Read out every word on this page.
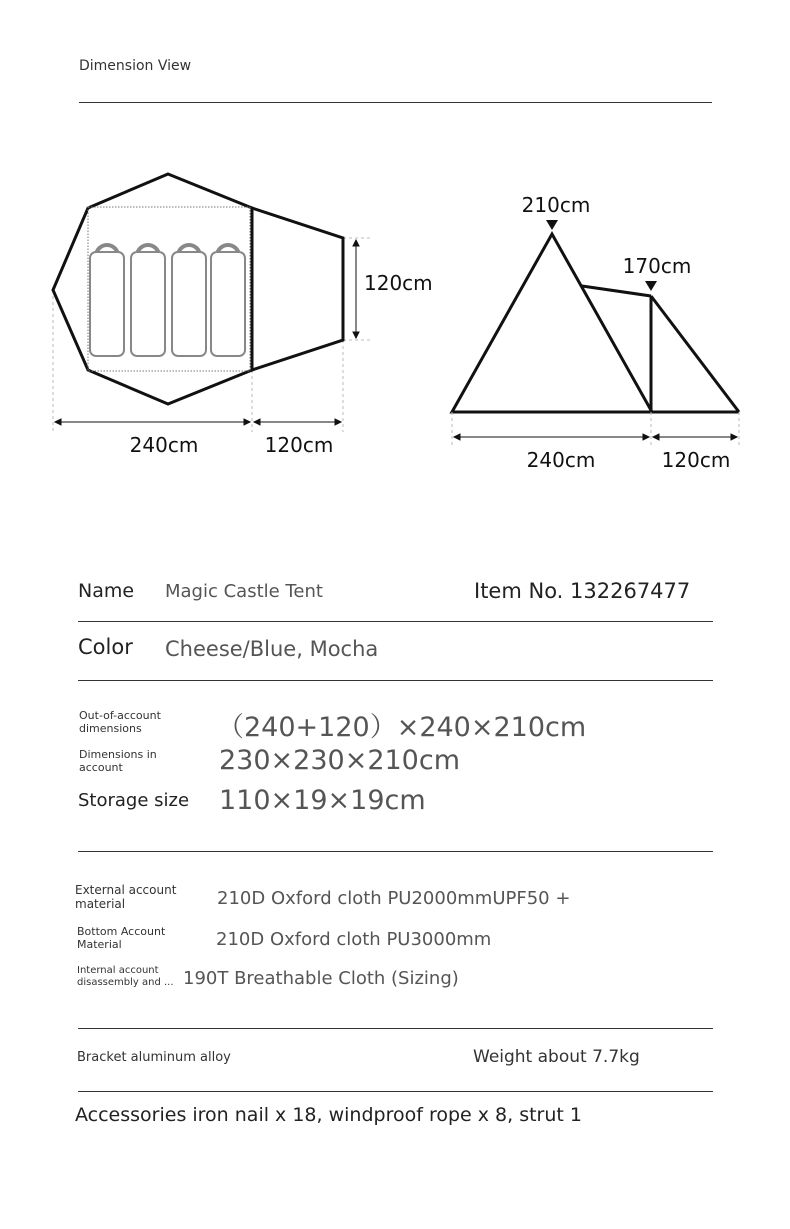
Dimension View
240cm	120cm
120cm
210cm
170cm
240cm	120cm
Name Magic Castle Tent	Item No. 132267477
Color Cheese/Blue, Mocha
Out-of-account dimensions	（240+120）×240×210cm
Dimensions in account	230×230×210cm
Storage size 110×19×19cm
External account material	210D Oxford cloth PU2000mmUPF50 +
Bottom Account Material	210D Oxford cloth PU3000mm
Internal account disassembly and ... 190T Breathable Cloth (Sizing)
Bracket aluminum alloy	Weight about 7.7kg
Accessories iron nail x 18, windproof rope x 8, strut 1
